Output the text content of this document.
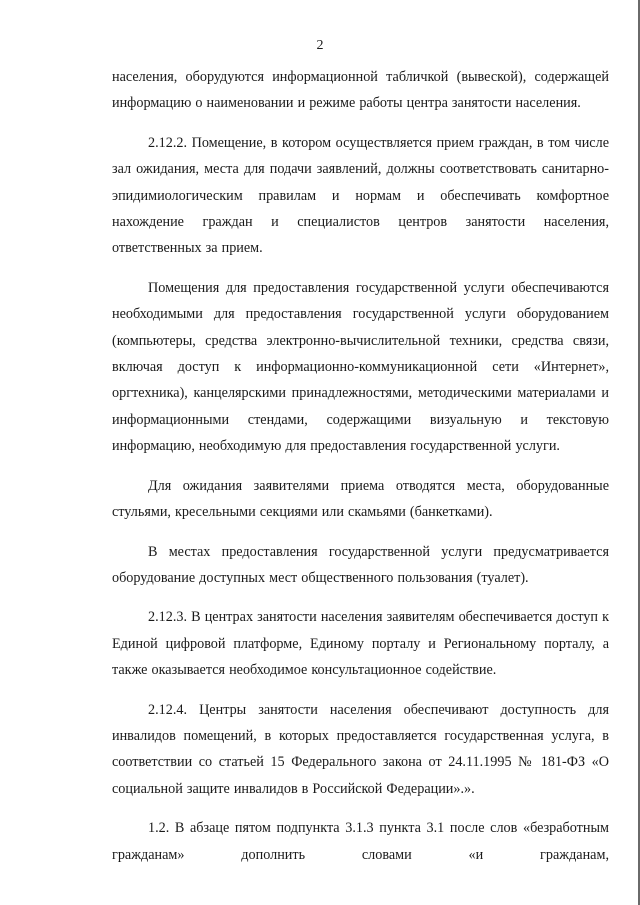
2

населения, оборудуются информационной табличкой (вывеской), содержащей информацию о наименовании и режиме работы центра занятости населения.

2.12.2. Помещение, в котором осуществляется прием граждан, в том числе зал ожидания, места для подачи заявлений, должны соответствовать санитарно-эпидимиологическим правилам и нормам и обеспечивать комфортное нахождение граждан и специалистов центров занятости населения, ответственных за прием.

Помещения для предоставления государственной услуги обеспечиваются необходимыми для предоставления государственной услуги оборудованием (компьютеры, средства электронно-вычислительной техники, средства связи, включая доступ к информационно-коммуникационной сети «Интернет», оргтехника), канцелярскими принадлежностями, методическими материалами и информационными стендами, содержащими визуальную и текстовую информацию, необходимую для предоставления государственной услуги.

Для ожидания заявителями приема отводятся места, оборудованные стульями, кресельными секциями или скамьями (банкетками).

В местах предоставления государственной услуги предусматривается оборудование доступных мест общественного пользования (туалет).

2.12.3. В центрах занятости населения заявителям обеспечивается доступ к Единой цифровой платформе, Единому порталу и Региональному порталу, а также оказывается необходимое консультационное содействие.

2.12.4. Центры занятости населения обеспечивают доступность для инвалидов помещений, в которых предоставляется государственная услуга, в соответствии со статьей 15 Федерального закона от 24.11.1995 № 181-ФЗ «О социальной защите инвалидов в Российской Федерации».».

1.2. В абзаце пятом подпункта 3.1.3 пункта 3.1 после слов «безработным гражданам» дополнить словами «и гражданам,
